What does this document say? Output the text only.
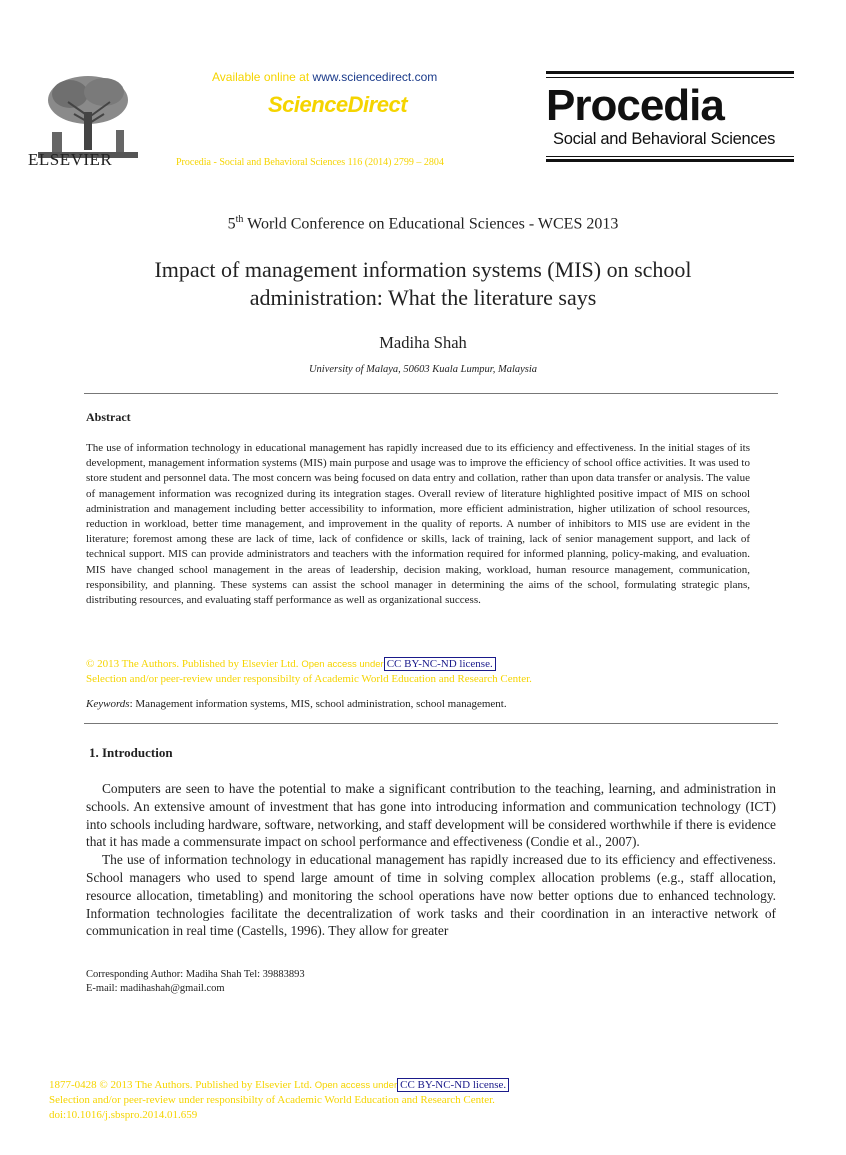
ELSEVIER
Available online at www.sciencedirect.com
ScienceDirect
Procedia - Social and Behavioral Sciences 116 (2014) 2799 – 2804
Procedia
Social and Behavioral Sciences
5th World Conference on Educational Sciences - WCES 2013
Impact of management information systems (MIS) on school
administration: What the literature says
Madiha Shah
University of Malaya, 50603 Kuala Lumpur, Malaysia
Abstract
The use of information technology in educational management has rapidly increased due to its efficiency and effectiveness. In the initial stages of its development, management information systems (MIS) main purpose and usage was to improve the efficiency of school office activities. It was used to store student and personnel data. The most concern was being focused on data entry and collation, rather than upon data transfer or analysis. The value of management information was recognized during its integration stages. Overall review of literature highlighted positive impact of MIS on school administration and management including better accessibility to information, more efficient administration, higher utilization of school resources, reduction in workload, better time management, and improvement in the quality of reports. A number of inhibitors to MIS use are evident in the literature; foremost among these are lack of time, lack of confidence or skills, lack of training, lack of senior management support, and lack of technical support. MIS can provide administrators and teachers with the information required for informed planning, policy-making, and evaluation. MIS have changed school management in the areas of leadership, decision making, workload, human resource management, communication, responsibility, and planning. These systems can assist the school manager in determining the aims of the school, formulating strategic plans, distributing resources, and evaluating staff performance as well as organizational success.
© 2013 The Authors. Published by Elsevier Ltd. Open access under CC BY-NC-ND license.
Selection and/or peer-review under responsibilty of Academic World Education and Research Center.
Keywords: Management information systems, MIS, school administration, school management.
1. Introduction

Computers are seen to have the potential to make a significant contribution to the teaching, learning, and administration in schools. An extensive amount of investment that has gone into introducing information and communication technology (ICT) into schools including hardware, software, networking, and staff development will be considered worthwhile if there is evidence that it has made a commensurate impact on school performance and effectiveness (Condie et al., 2007).

The use of information technology in educational management has rapidly increased due to its efficiency and effectiveness. School managers who used to spend large amount of time in solving complex allocation problems (e.g., staff allocation, resource allocation, timetabling) and monitoring the school operations have now better options due to enhanced technology. Information technologies facilitate the decentralization of work tasks and their coordination in an interactive network of communication in real time (Castells, 1996). They allow for greater

Corresponding Author: Madiha Shah Tel: 39883893
E-mail: madihashah@gmail.com
1877-0428 © 2013 The Authors. Published by Elsevier Ltd. Open access under CC BY-NC-ND license.
Selection and/or peer-review under responsibilty of Academic World Education and Research Center.
doi:10.1016/j.sbspro.2014.01.659
